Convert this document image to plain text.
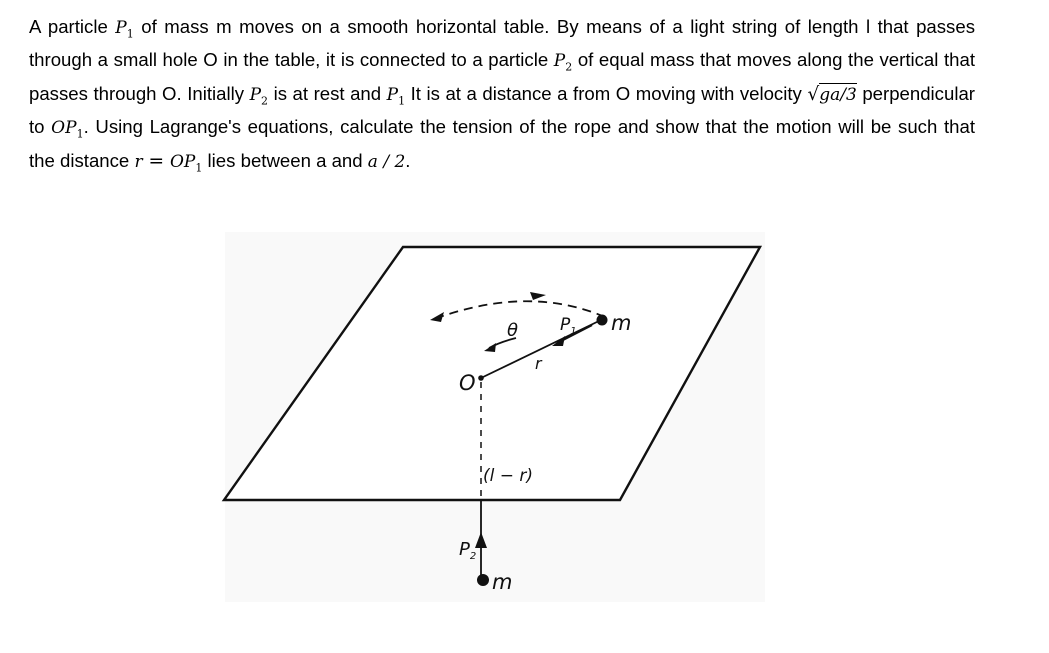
A particle $P_1$ of mass m moves on a smooth horizontal table. By means of a light string of length l that passes through a small hole O in the table, it is connected to a particle $P_2$ of equal mass that moves along the vertical that passes through O. Initially $P_2$ is at rest and $P_1$ It is at a distance a from O moving with velocity √ga/3 perpendicular to $OP_1$. Using Lagrange's equations, calculate the tension of the rope and show that the motion will be such that the distance $r = OP_1$ lies between a and a / 2.
O
θ
r
$P_1$ m
(l − r)
$P_2$
m
